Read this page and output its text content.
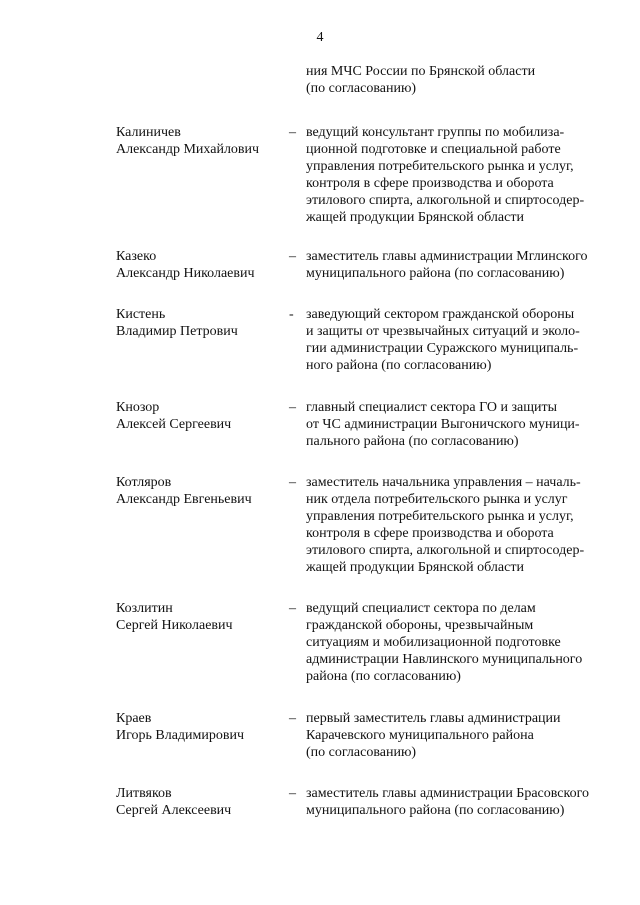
4
ния МЧС России по Брянской области
(по согласованию)
Калиничев
Александр Михайлович
– ведущий консультант группы по мобилиза-
ционной подготовке и специальной работе
управления потребительского рынка и услуг,
контроля в сфере производства и оборота
этилового спирта, алкогольной и спиртосодер-
жащей продукции Брянской области
Казеко
Александр Николаевич
– заместитель главы администрации Мглинского
муниципального района (по согласованию)
Кистень
Владимир Петрович
- заведующий сектором гражданской обороны
и защиты от чрезвычайных ситуаций и эколо-
гии администрации Суражского муниципаль-
ного района (по согласованию)
Кнозор
Алексей Сергеевич
– главный специалист сектора ГО и защиты
от ЧС администрации Выгоничского муници-
пального района (по согласованию)
Котляров
Александр Евгеньевич
– заместитель начальника управления – началь-
ник отдела потребительского рынка и услуг
управления потребительского рынка и услуг,
контроля в сфере производства и оборота
этилового спирта, алкогольной и спиртосодер-
жащей продукции Брянской области
Козлитин
Сергей Николаевич
– ведущий специалист сектора по делам
гражданской обороны, чрезвычайным
ситуациям и мобилизационной подготовке
администрации Навлинского муниципального
района (по согласованию)
Краев
Игорь Владимирович
– первый заместитель главы администрации
Карачевского муниципального района
(по согласованию)
Литвяков
Сергей Алексеевич
– заместитель главы администрации Брасовского
муниципального района (по согласованию)
